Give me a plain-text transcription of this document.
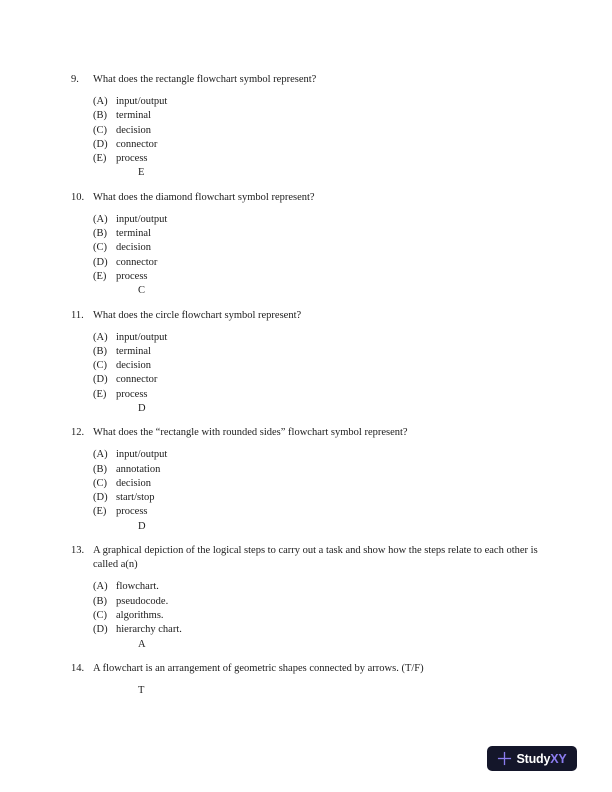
9.	What does the rectangle flowchart symbol represent?
(A) input/output
(B) terminal
(C) decision
(D) connector
(E) process
E
10. What does the diamond flowchart symbol represent?
(A) input/output
(B) terminal
(C) decision
(D) connector
(E) process
C
11. What does the circle flowchart symbol represent?
(A) input/output
(B) terminal
(C) decision
(D) connector
(E) process
D
12. What does the “rectangle with rounded sides” flowchart symbol represent?
(A) input/output
(B) annotation
(C) decision
(D) start/stop
(E) process
D
13. A graphical depiction of the logical steps to carry out a task and show how the steps relate to each other is called a(n)
(A) flowchart.
(B) pseudocode.
(C) algorithms.
(D) hierarchy chart.
A
14. A flowchart is an arrangement of geometric shapes connected by arrows. (T/F)
T
StudyXY
